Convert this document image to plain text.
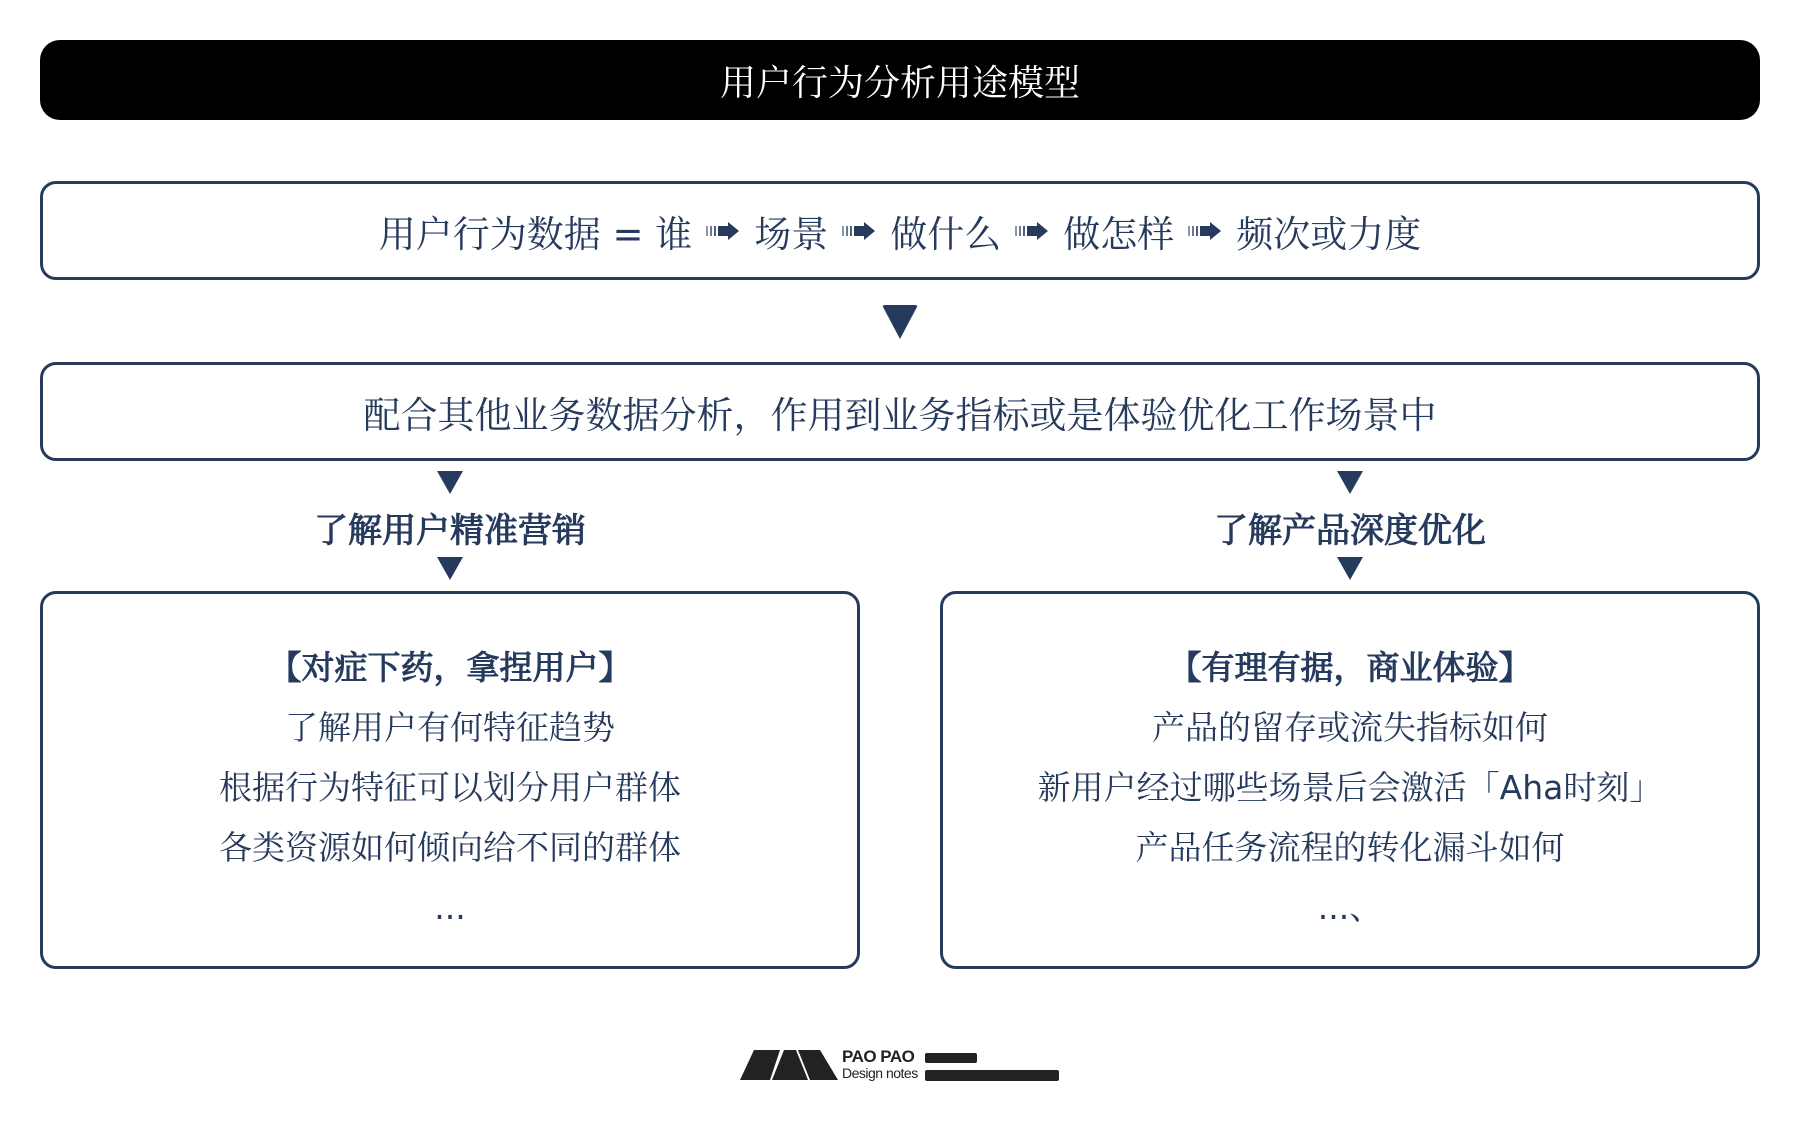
用户行为分析用途模型
用户行为数据 = 谁 场景 做什么 做怎样 频次或力度
配合其他业务数据分析，作用到业务指标或是体验优化工作场景中
了解用户精准营销	了解产品深度优化
【对症下药，拿捏用户】
了解用户有何特征趋势
根据行为特征可以划分用户群体
各类资源如何倾向给不同的群体
...
【有理有据，商业体验】
产品的留存或流失指标如何
新用户经过哪些场景后会激活「Aha时刻」
产品任务流程的转化漏斗如何
...、
PAO PAO
Design notes
